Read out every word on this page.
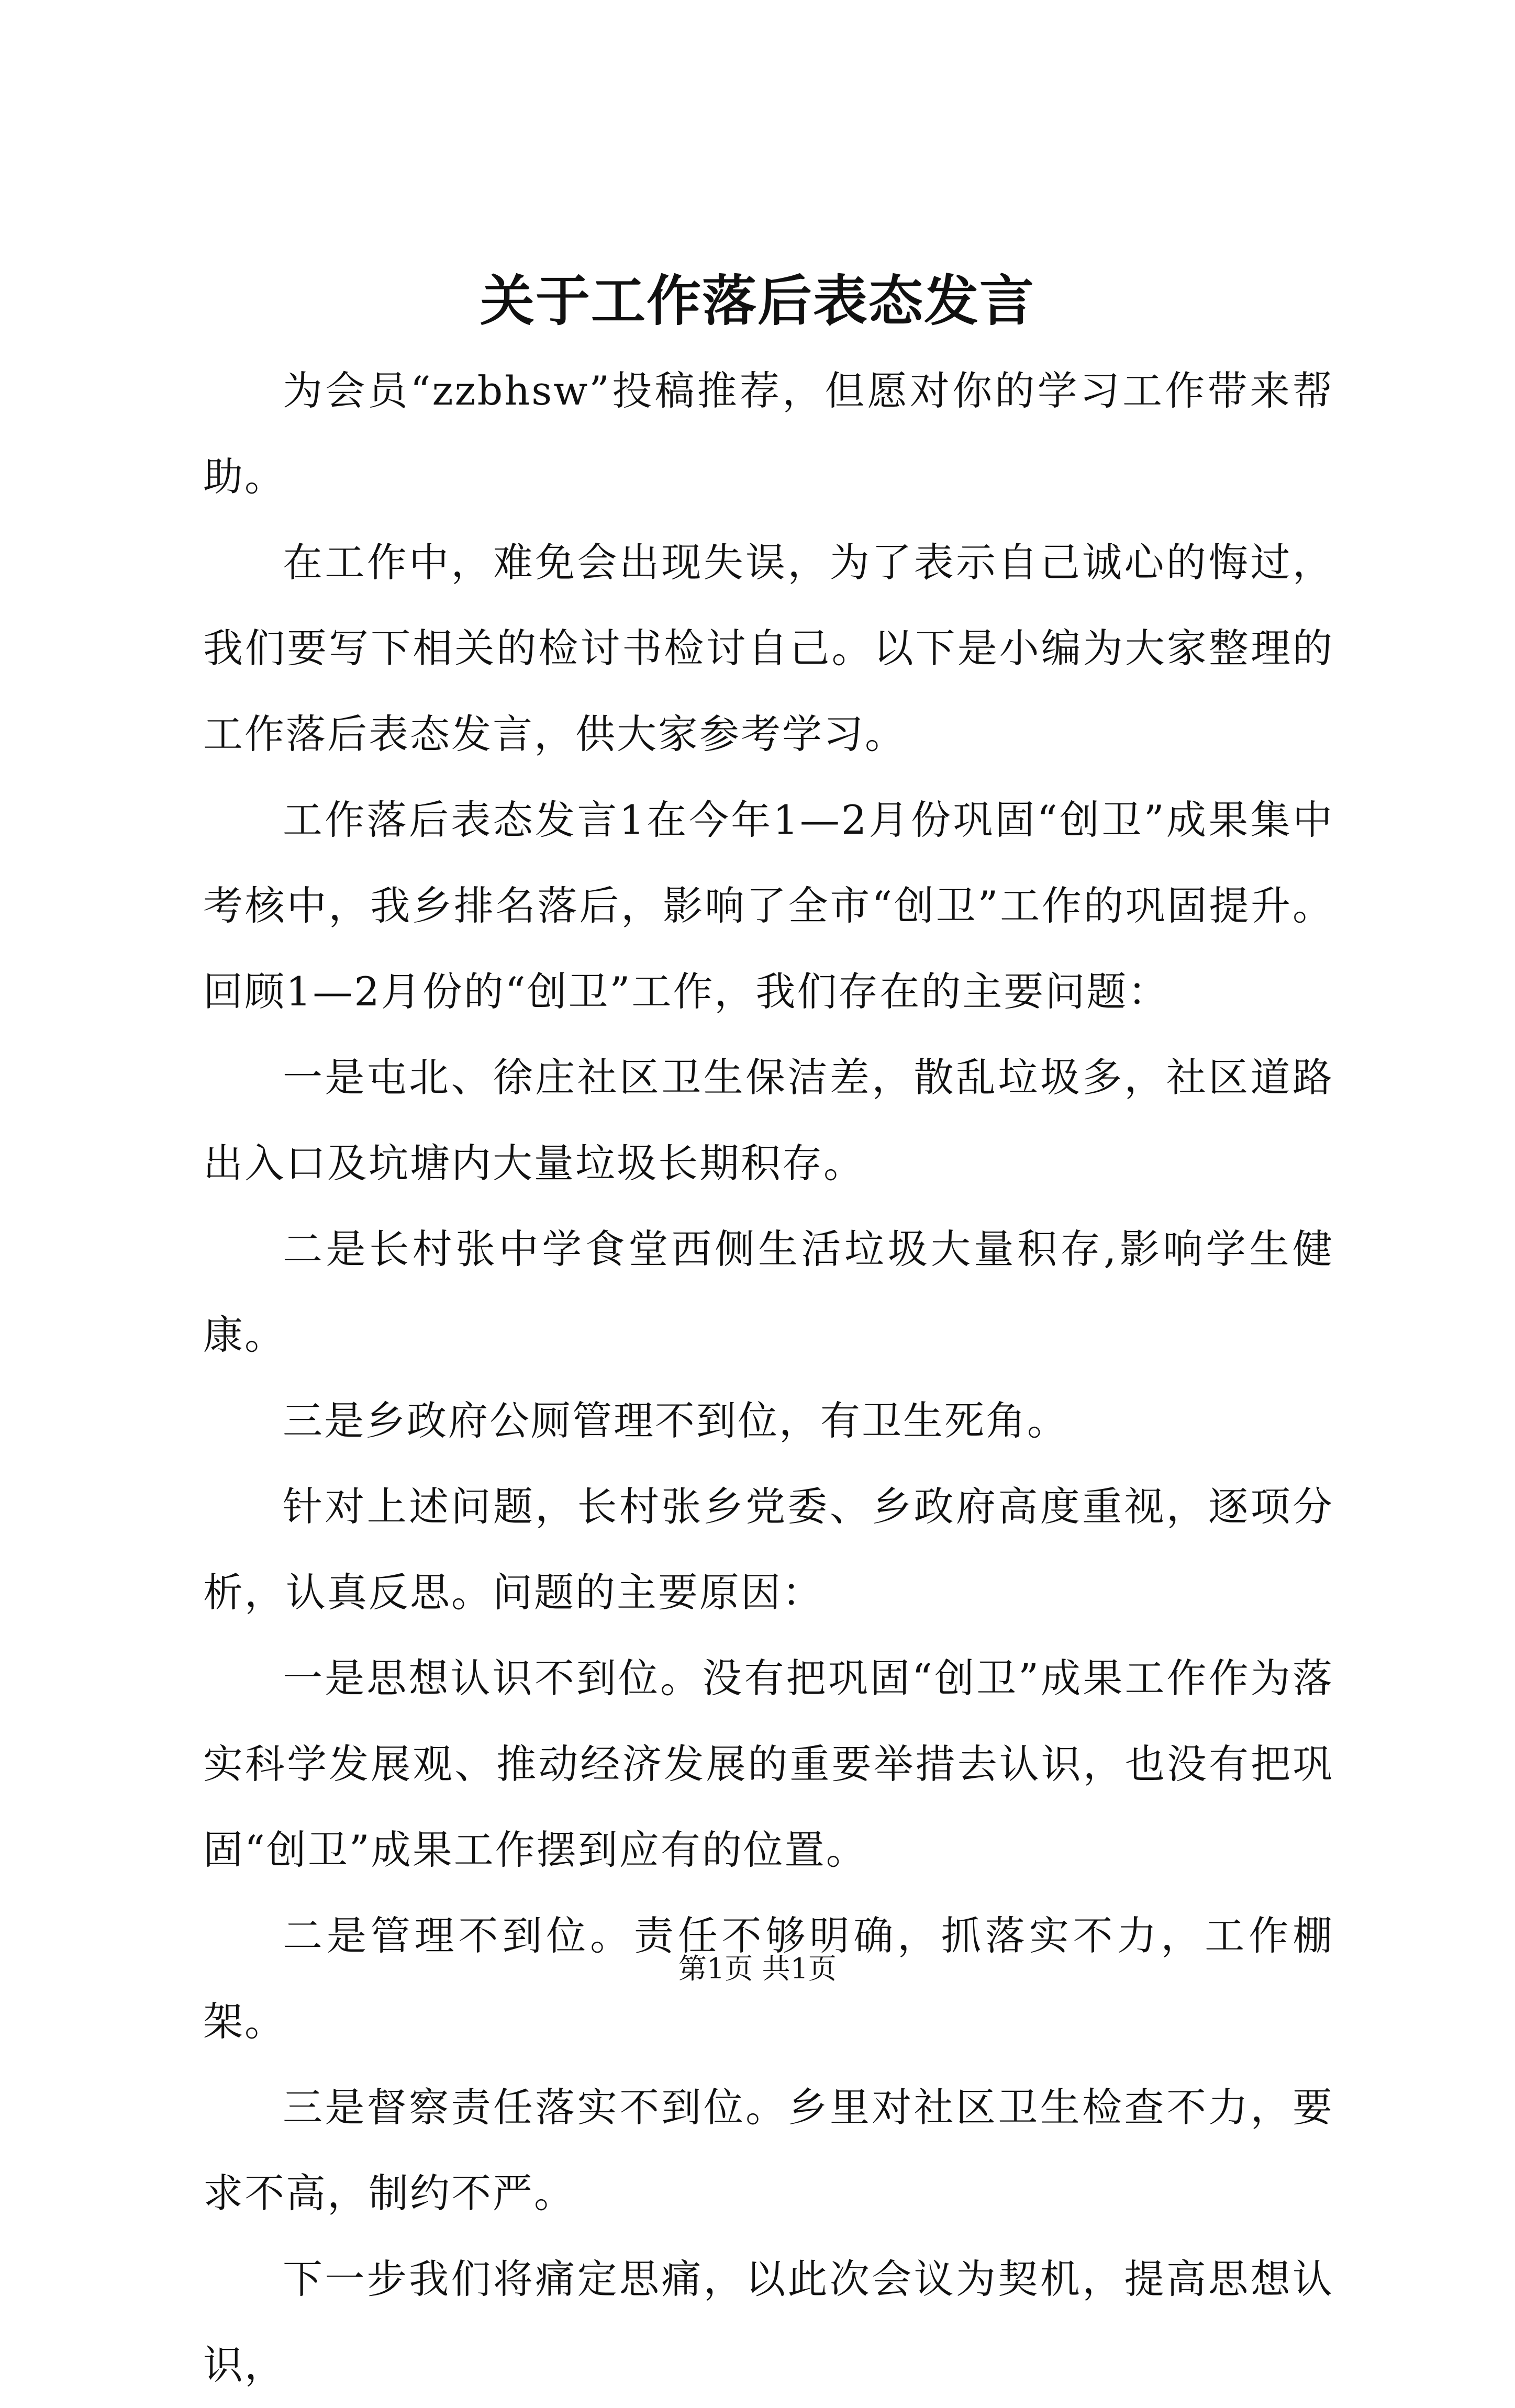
关于工作落后表态发言

为会员“zzbhsw”投稿推荐，但愿对你的学习工作带来帮助。

在工作中，难免会出现失误，为了表示自己诚心的悔过，我们要写下相关的检讨书检讨自己。以下是小编为大家整理的工作落后表态发言，供大家参考学习。

工作落后表态发言1在今年1—2月份巩固“创卫”成果集中考核中，我乡排名落后，影响了全市“创卫”工作的巩固提升。回顾1—2月份的“创卫”工作，我们存在的主要问题：

一是屯北、徐庄社区卫生保洁差，散乱垃圾多，社区道路出入口及坑塘内大量垃圾长期积存。

二是长村张中学食堂西侧生活垃圾大量积存,影响学生健康。

三是乡政府公厕管理不到位，有卫生死角。

针对上述问题，长村张乡党委、乡政府高度重视，逐项分析，认真反思。问题的主要原因：

一是思想认识不到位。没有把巩固“创卫”成果工作作为落实科学发展观、推动经济发展的重要举措去认识，也没有把巩固“创卫”成果工作摆到应有的位置。

二是管理不到位。责任不够明确，抓落实不力，工作棚架。

三是督察责任落实不到位。乡里对社区卫生检查不力，要求不高，制约不严。

下一步我们将痛定思痛，以此次会议为契机，提高思想认识，

第1页 共1页
